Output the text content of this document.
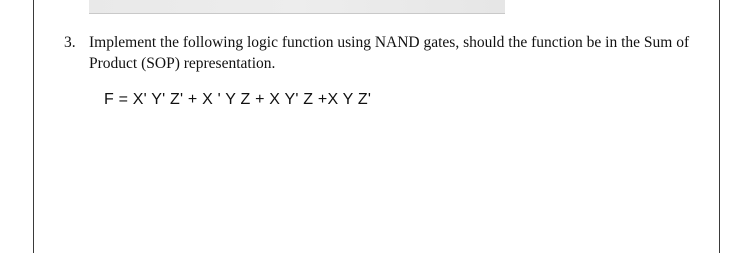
3. Implement the following logic function using NAND gates, should the function be in the Sum of
Product (SOP) representation.
F = X' Y' Z' + X ' Y Z + X Y' Z +X Y Z'
